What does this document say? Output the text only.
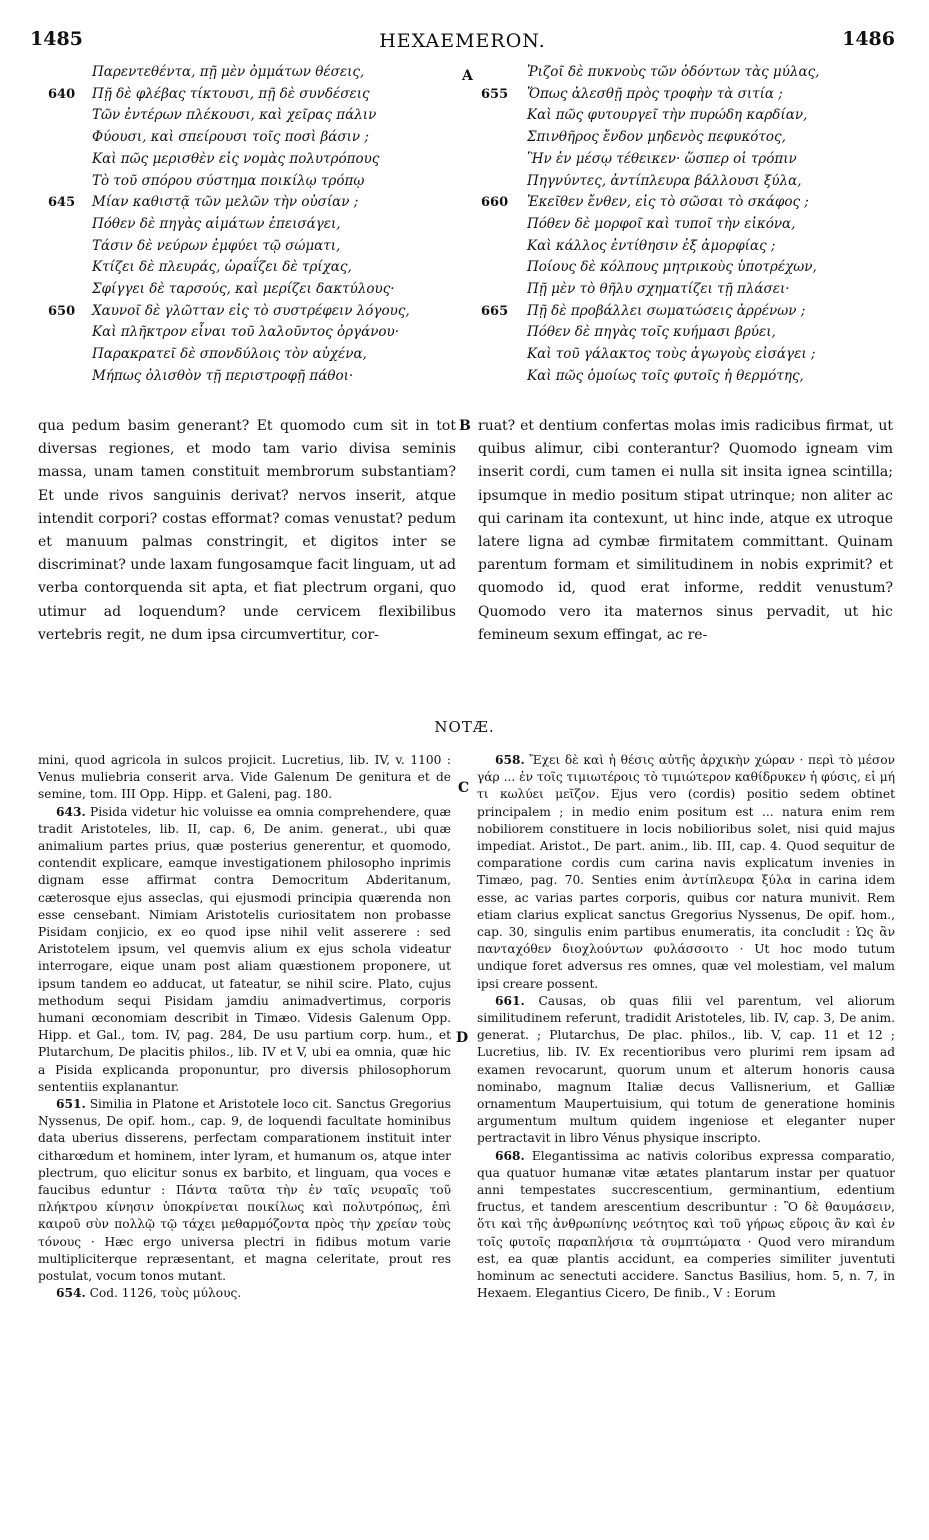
1485	HEXAEMERON.	1486
A
B
C
D
Παρεντεθέντα, πῇ μὲν ὀμμάτων θέσεις,
640	Πῇ δὲ φλέβας τίκτουσι, πῇ δὲ συνδέσεις
Τῶν ἐντέρων πλέκουσι, καὶ χεῖρας πάλιν
Φύουσι, καὶ σπείρουσι τοῖς ποσὶ βάσιν ;
Καὶ πῶς μερισθὲν εἰς νομὰς πολυτρόπους
Τὸ τοῦ σπόρου σύστημα ποικίλῳ τρόπῳ
645	Μίαν καθιστᾷ τῶν μελῶν τὴν οὐσίαν ;
Πόθεν δὲ πηγὰς αἱμάτων ἐπεισάγει,
Τάσιν δὲ νεύρων ἐμφύει τῷ σώματι,
Κτίζει δὲ πλευράς, ὡραΐζει δὲ τρίχας,
Σφίγγει δὲ ταρσούς, καὶ μερίζει δακτύλους·
650	Χαυνοῖ δὲ γλῶτταν εἰς τὸ συστρέφειν λόγους,
Καὶ πλῆκτρον εἶναι τοῦ λαλοῦντος ὀργάνου·
Παρακρατεῖ δὲ σπονδύλοις τὸν αὐχένα,
Μήπως ὀλισθὸν τῇ περιστροφῇ πάθοι·
Ῥιζοῖ δὲ πυκνοὺς τῶν ὀδόντων τὰς μύλας,
655	Ὅπως ἀλεσθῇ πρὸς τροφὴν τὰ σιτία ;
Καὶ πῶς φυτουργεῖ τὴν πυρώδη καρδίαν,
Σπινθῆρος ἔνδον μηδενὸς πεφυκότος,
Ἣν ἐν μέσῳ τέθεικεν· ὥσπερ οἱ τρόπιν
Πηγνύντες, ἀντίπλευρα βάλλουσι ξύλα,
660	Ἐκεῖθεν ἔνθεν, εἰς τὸ σῶσαι τὸ σκάφος ;
Πόθεν δὲ μορφοῖ καὶ τυποῖ τὴν εἰκόνα,
Καὶ κάλλος ἐντίθησιν ἐξ ἀμορφίας ;
Ποίους δὲ κόλπους μητρικοὺς ὑποτρέχων,
Πῇ μὲν τὸ θῆλυ σχηματίζει τῇ πλάσει·
665	Πῇ δὲ προβάλλει σωματώσεις ἀρρένων ;
Πόθεν δὲ πηγὰς τοῖς κυήμασι βρύει,
Καὶ τοῦ γάλακτος τοὺς ἀγωγοὺς εἰσάγει ;
Καὶ πῶς ὁμοίως τοῖς φυτοῖς ἡ θερμότης,
qua pedum basim generant? Et quomodo cum sit in tot diversas regiones, et modo tam vario divisa seminis massa, unam tamen constituit membrorum substantiam? Et unde rivos sanguinis derivat? nervos inserit, atque intendit corpori? costas efformat? comas venustat? pedum et manuum palmas constringit, et digitos inter se discriminat? unde laxam fungosamque facit linguam, ut ad verba contorquenda sit apta, et fiat plectrum organi, quo utimur ad loquendum? unde cervicem flexibilibus vertebris regit, ne dum ipsa circumvertitur, cor-
ruat? et dentium confertas molas imis radicibus firmat, ut quibus alimur, cibi conterantur? Quomodo igneam vim inserit cordi, cum tamen ei nulla sit insita ignea scintilla; ipsumque in medio positum stipat utrinque; non aliter ac qui carinam ita contexunt, ut hinc inde, atque ex utroque latere ligna ad cymbæ firmitatem committant. Quinam parentum formam et similitudinem in nobis exprimit? et quomodo id, quod erat informe, reddit venustum? Quomodo vero ita maternos sinus pervadit, ut hic femineum sexum effingat, ac re-
NOTÆ.

mini, quod agricola in sulcos projicit. Lucretius, lib. IV, v. 1100 : Venus muliebria conserit arva. Vide Galenum De genitura et de semine, tom. III Opp. Hipp. et Galeni, pag. 180.

643. Pisida videtur hic voluisse ea omnia comprehendere, quæ tradit Aristoteles, lib. II, cap. 6, De anim. generat., ubi quæ animalium partes prius, quæ posterius generentur, et quomodo, contendit explicare, eamque investigationem philosopho inprimis dignam esse affirmat contra Democritum Abderitanum, cæterosque ejus asseclas, qui ejusmodi principia quærenda non esse censebant. Nimiam Aristotelis curiositatem non probasse Pisidam conjicio, ex eo quod ipse nihil velit asserere : sed Aristotelem ipsum, vel quemvis alium ex ejus schola videatur interrogare, eique unam post aliam quæstionem proponere, ut ipsum tandem eo adducat, ut fateatur, se nihil scire. Plato, cujus methodum sequi Pisidam jamdiu animadvertimus, corporis humani œconomiam describit in Timæo. Videsis Galenum Opp. Hipp. et Gal., tom. IV, pag. 284, De usu partium corp. hum., et Plutarchum, De placitis philos., lib. IV et V, ubi ea omnia, quæ hic a Pisida explicanda proponuntur, pro diversis philosophorum sententiis explanantur.

651. Similia in Platone et Aristotele loco cit. Sanctus Gregorius Nyssenus, De opif. hom., cap. 9, de loquendi facultate hominibus data uberius disserens, perfectam comparationem instituit inter citharœdum et hominem, inter lyram, et humanum os, atque inter plectrum, quo elicitur sonus ex barbito, et linguam, qua voces e faucibus eduntur : Πάντα ταῦτα τὴν ἐν ταῖς νευραῖς τοῦ πλήκτρου κίνησιν ὑποκρίνεται ποικίλως καὶ πολυτρόπως, ἐπὶ καιροῦ σὺν πολλῷ τῷ τάχει μεθαρμόζοντα πρὸς τὴν χρείαν τοὺς τόνους · Hæc ergo universa plectri in fidibus motum varie multipliciterque repræsentant, et magna celeritate, prout res postulat, vocum tonos mutant.

654. Cod. 1126, τοὺς μύλους.

658. Ἔχει δὲ καὶ ἡ θέσις αὐτῆς ἀρχικὴν χώραν · περὶ τὸ μέσον γάρ ... ἐν τοῖς τιμιωτέροις τὸ τιμιώτερον καθίδρυκεν ἡ φύσις, εἰ μή τι κωλύει μεῖζον. Ejus vero (cordis) positio sedem obtinet principalem ; in medio enim positum est ... natura enim rem nobiliorem constituere in locis nobilioribus solet, nisi quid majus impediat. Aristot., De part. anim., lib. III, cap. 4. Quod sequitur de comparatione cordis cum carina navis explicatum invenies in Timæo, pag. 70. Senties enim ἀντίπλευρα ξύλα in carina idem esse, ac varias partes corporis, quibus cor natura munivit. Rem etiam clarius explicat sanctus Gregorius Nyssenus, De opif. hom., cap. 30, singulis enim partibus enumeratis, ita concludit : Ὡς ἂν πανταχόθεν διοχλούντων φυλάσσοιτο · Ut hoc modo tutum undique foret adversus res omnes, quæ vel molestiam, vel malum ipsi creare possent.

661. Causas, ob quas filii vel parentum, vel aliorum similitudinem referunt, tradidit Aristoteles, lib. IV, cap. 3, De anim. generat. ; Plutarchus, De plac. philos., lib. V, cap. 11 et 12 ; Lucretius, lib. IV. Ex recentioribus vero plurimi rem ipsam ad examen revocarunt, quorum unum et alterum honoris causa nominabo, magnum Italiæ decus Vallisnerium, et Galliæ ornamentum Maupertuisium, qui totum de generatione hominis argumentum multum quidem ingeniose et eleganter nuper pertractavit in libro Vénus physique inscripto.

668. Elegantissima ac nativis coloribus expressa comparatio, qua quatuor humanæ vitæ ætates plantarum instar per quatuor anni tempestates succrescentium, germinantium, edentium fructus, et tandem arescentium describuntur : Ὃ δὲ θαυμάσειν, ὅτι καὶ τῆς ἀνθρωπίνης νεότητος καὶ τοῦ γήρως εὕροις ἂν καὶ ἐν τοῖς φυτοῖς παραπλήσια τὰ συμπτώματα · Quod vero mirandum est, ea quæ plantis accidunt, ea comperies similiter juventuti hominum ac senectuti accidere. Sanctus Basilius, hom. 5, n. 7, in Hexaem. Elegantius Cicero, De finib., V : Eorum
